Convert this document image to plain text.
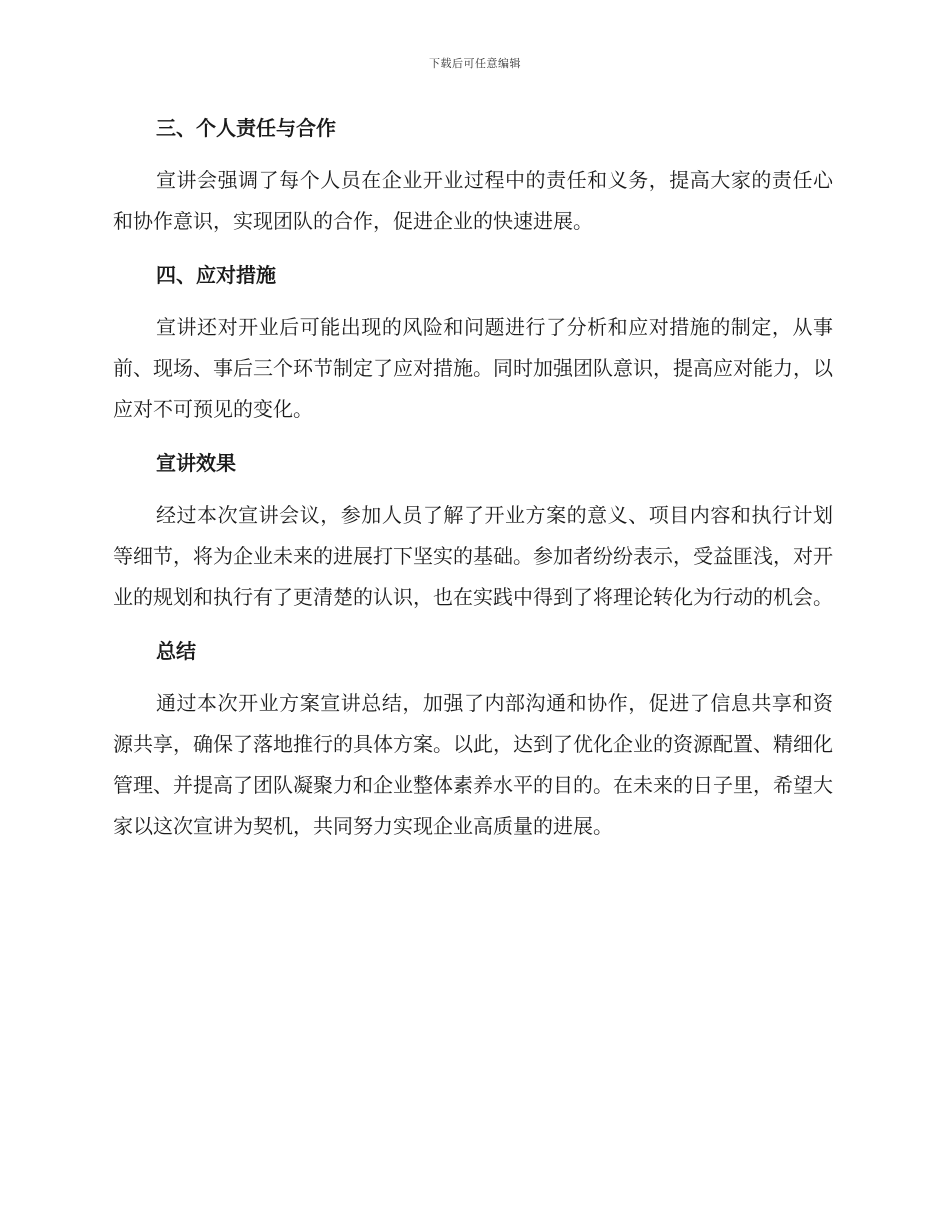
下载后可任意编辑
三、个人责任与合作

宣讲会强调了每个人员在企业开业过程中的责任和义务，提高大家的责任心和协作意识，实现团队的合作，促进企业的快速进展。

四、应对措施

宣讲还对开业后可能出现的风险和问题进行了分析和应对措施的制定，从事前、现场、事后三个环节制定了应对措施。同时加强团队意识，提高应对能力，以应对不可预见的变化。

宣讲效果

经过本次宣讲会议，参加人员了解了开业方案的意义、项目内容和执行计划等细节，将为企业未来的进展打下坚实的基础。参加者纷纷表示，受益匪浅，对开业的规划和执行有了更清楚的认识，也在实践中得到了将理论转化为行动的机会。

总结

通过本次开业方案宣讲总结，加强了内部沟通和协作，促进了信息共享和资源共享，确保了落地推行的具体方案。以此，达到了优化企业的资源配置、精细化管理、并提高了团队凝聚力和企业整体素养水平的目的。在未来的日子里，希望大家以这次宣讲为契机，共同努力实现企业高质量的进展。
